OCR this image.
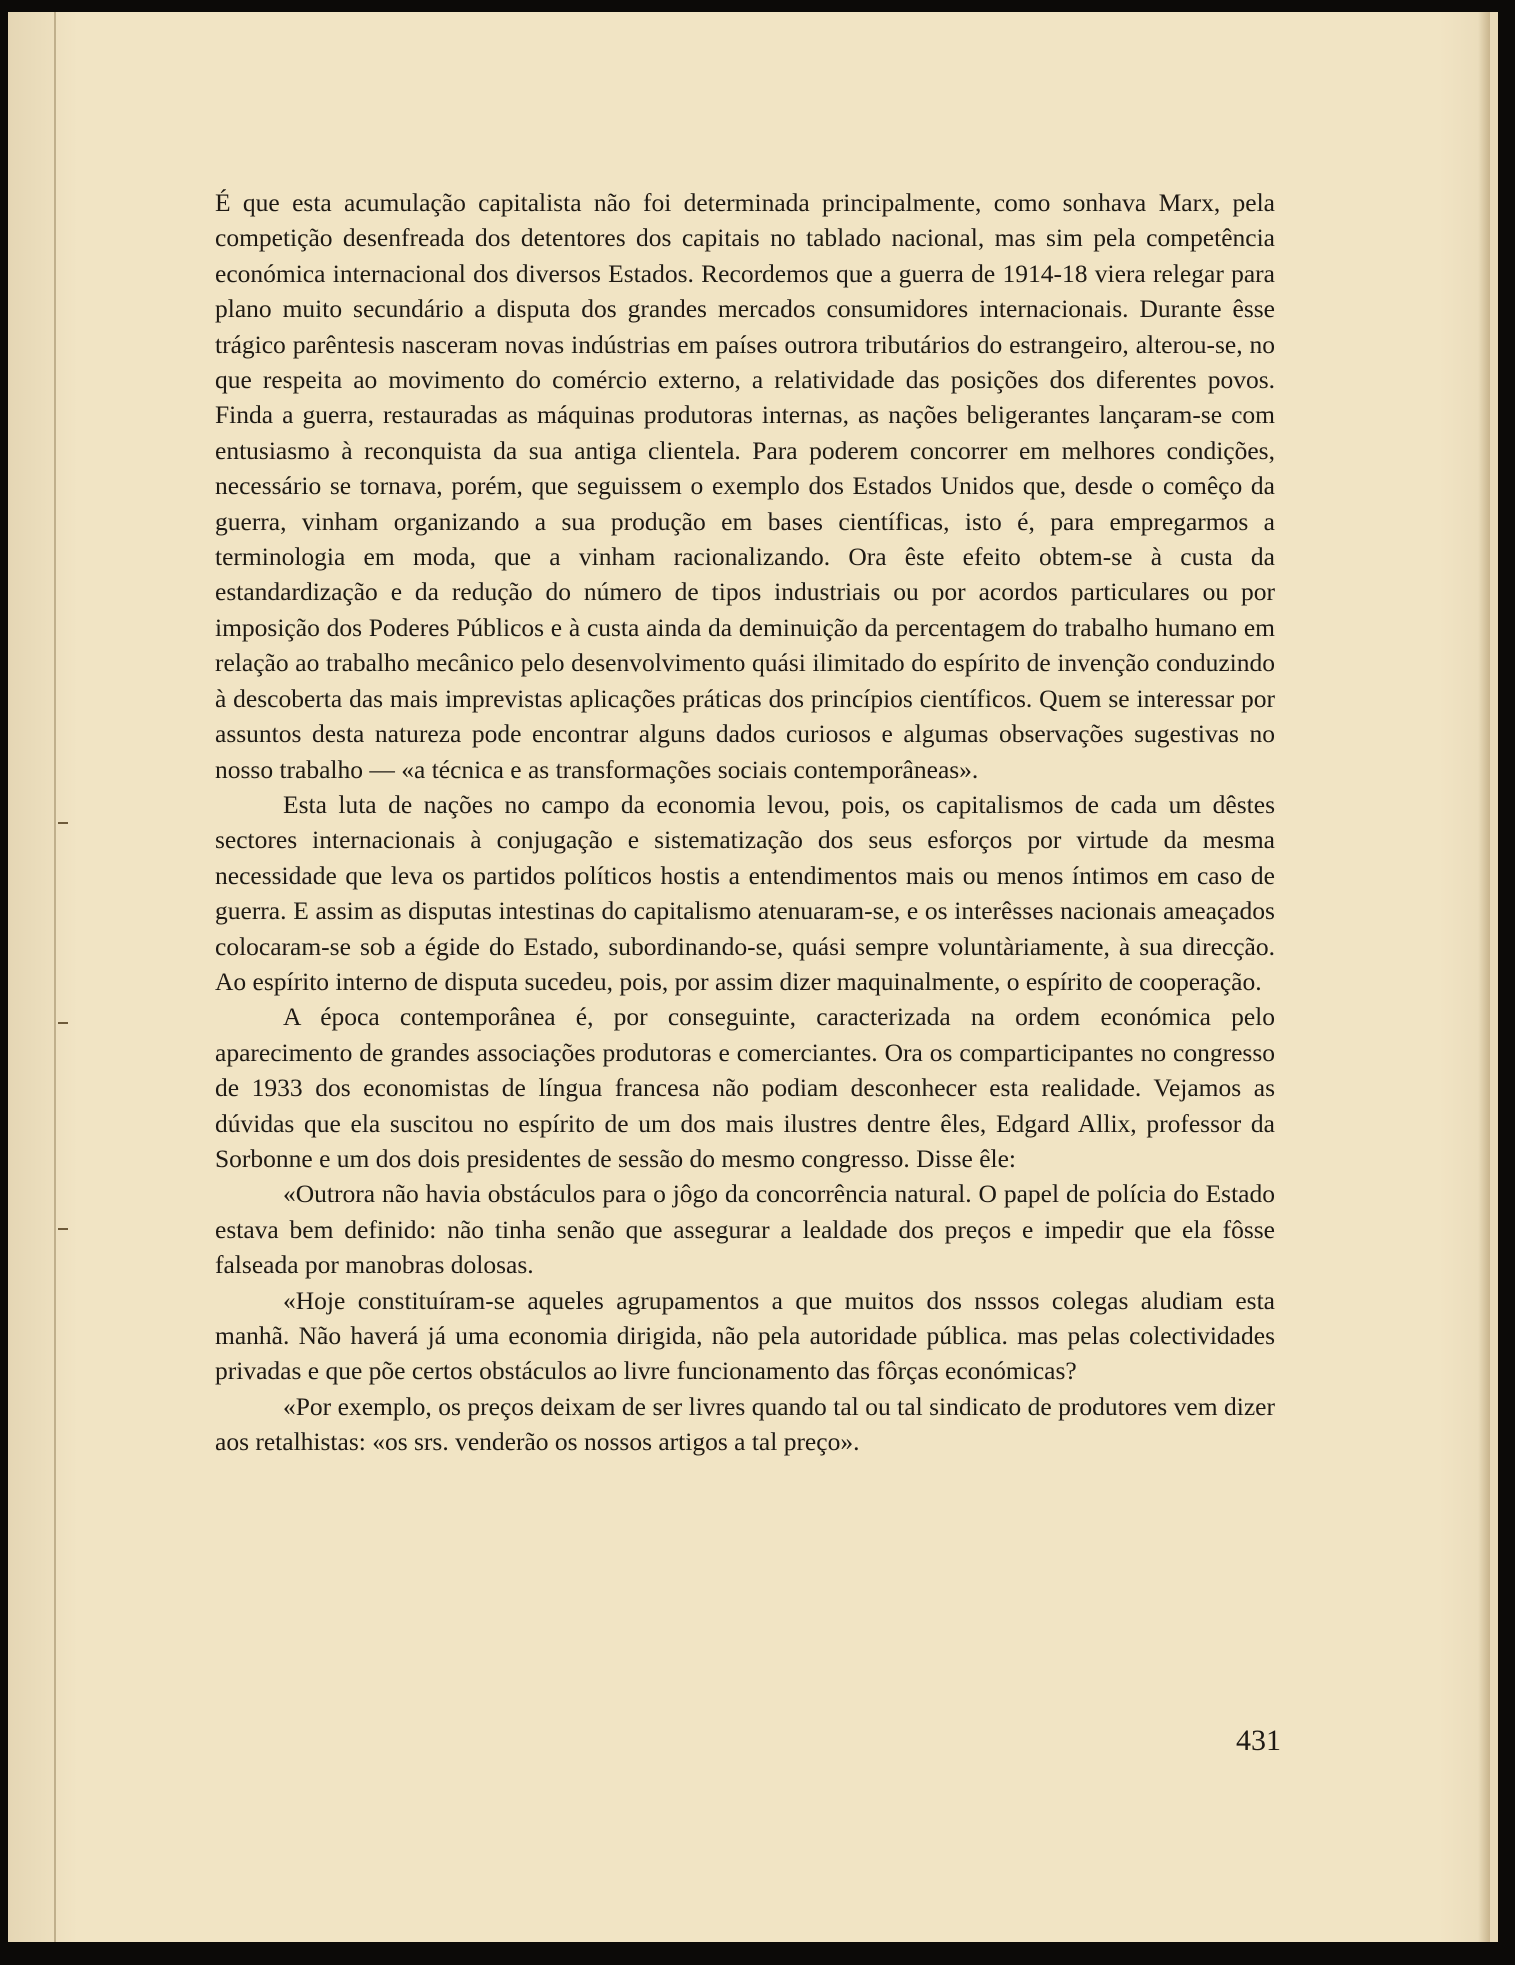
É que esta acumulação capitalista não foi determinada principalmente, como sonhava Marx, pela competição desenfreada dos detentores dos capitais no tablado nacional, mas sim pela competência económica internacional dos diversos Estados. Recordemos que a guerra de 1914-18 viera relegar para plano muito secundário a disputa dos grandes mercados consumidores internacionais. Durante êsse trágico parêntesis nasceram novas indústrias em países outrora tributários do estrangeiro, alterou-se, no que respeita ao movimento do comércio externo, a relatividade das posições dos diferentes povos. Finda a guerra, restauradas as máquinas produtoras internas, as nações beligerantes lançaram-se com entusiasmo à reconquista da sua antiga clientela. Para poderem concorrer em melhores condições, necessário se tornava, porém, que seguissem o exemplo dos Estados Unidos que, desde o comêço da guerra, vinham organizando a sua produção em bases científicas, isto é, para empregarmos a terminologia em moda, que a vinham racionalizando. Ora êste efeito obtem-se à custa da estandardização e da redução do número de tipos industriais ou por acordos particulares ou por imposição dos Poderes Públicos e à custa ainda da deminuição da percentagem do trabalho humano em relação ao trabalho mecânico pelo desenvolvimento quási ilimitado do espírito de invenção conduzindo à descoberta das mais imprevistas aplicações práticas dos princípios científicos. Quem se interessar por assuntos desta natureza pode encontrar alguns dados curiosos e algumas observações sugestivas no nosso trabalho — «a técnica e as transformações sociais contemporâneas».

Esta luta de nações no campo da economia levou, pois, os capitalismos de cada um dêstes sectores internacionais à conjugação e sistematização dos seus esforços por virtude da mesma necessidade que leva os partidos políticos hostis a entendimentos mais ou menos íntimos em caso de guerra. E assim as disputas intestinas do capitalismo atenuaram-se, e os interêsses nacionais ameaçados colocaram-se sob a égide do Estado, subordinando-se, quási sempre voluntàriamente, à sua direcção. Ao espírito interno de disputa sucedeu, pois, por assim dizer maquinalmente, o espírito de cooperação.

A época contemporânea é, por conseguinte, caracterizada na ordem económica pelo aparecimento de grandes associações produtoras e comerciantes. Ora os comparticipantes no congresso de 1933 dos economistas de língua francesa não podiam desconhecer esta realidade. Vejamos as dúvidas que ela suscitou no espírito de um dos mais ilustres dentre êles, Edgard Allix, professor da Sorbonne e um dos dois presidentes de sessão do mesmo congresso. Disse êle:

«Outrora não havia obstáculos para o jôgo da concorrência natural. O papel de polícia do Estado estava bem definido: não tinha senão que assegurar a lealdade dos preços e impedir que ela fôsse falseada por manobras dolosas.

«Hoje constituíram-se aqueles agrupamentos a que muitos dos nsssos colegas aludiam esta manhã. Não haverá já uma economia dirigida, não pela autoridade pública. mas pelas colectividades privadas e que põe certos obstáculos ao livre funcionamento das fôrças económicas?

«Por exemplo, os preços deixam de ser livres quando tal ou tal sindicato de produtores vem dizer aos retalhistas: «os srs. venderão os nossos artigos a tal preço».

431
